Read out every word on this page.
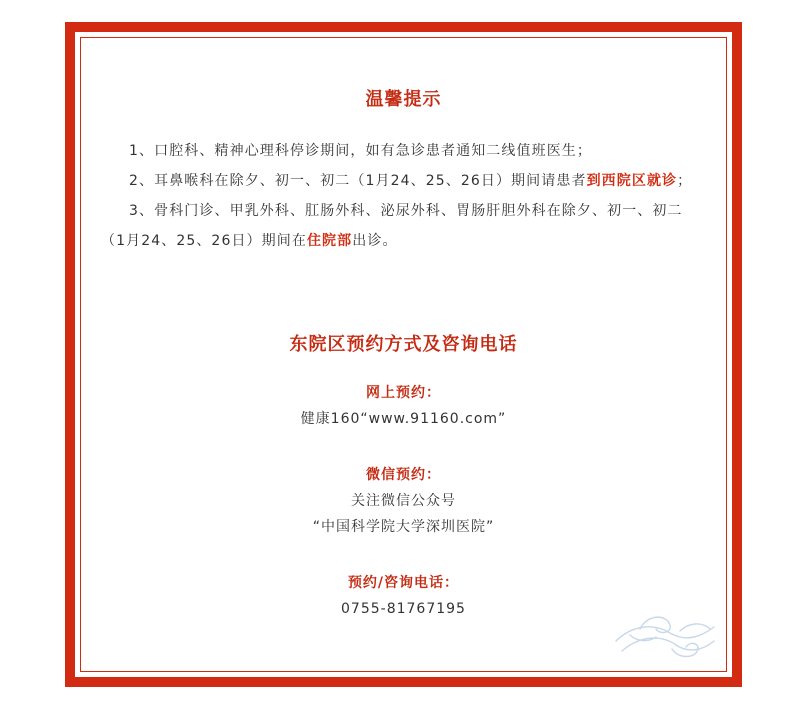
温馨提示

1、口腔科、精神心理科停诊期间，如有急诊患者通知二线值班医生；

2、耳鼻喉科在除夕、初一、初二（1月24、25、26日）期间请患者到西院区就诊；

3、骨科门诊、甲乳外科、肛肠外科、泌尿外科、胃肠肝胆外科在除夕、初一、初二（1月24、25、26日）期间在住院部出诊。

东院区预约方式及咨询电话
网上预约：
健康160“www.91160.com”
微信预约：
关注微信公众号
“中国科学院大学深圳医院”
预约/咨询电话：
0755-81767195
